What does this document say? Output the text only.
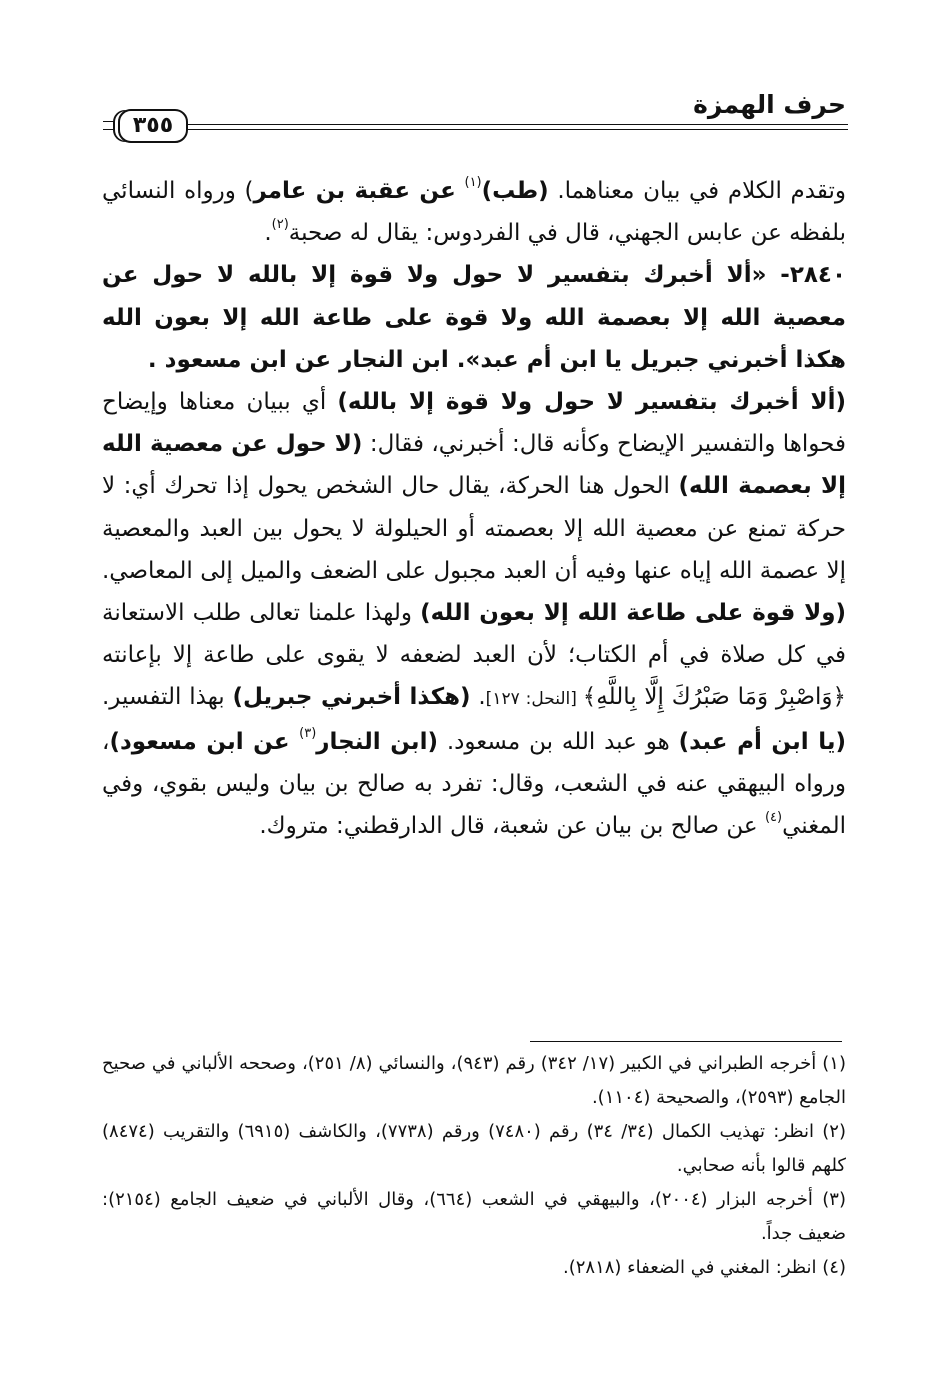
حرف الهمزة
٣٥٥

وتقدم الكلام في بيان معناهما. (طب)$^{(١)}$ عن عقبة بن عامر) ورواه النسائي بلفظه عن عابس الجهني، قال في الفردوس: يقال له صحبة$^{(٢)}$.

٢٨٤٠- «ألا أخبرك بتفسير لا حول ولا قوة إلا بالله لا حول عن معصية الله إلا بعصمة الله ولا قوة على طاعة الله إلا بعون الله هكذا أخبرني جبريل يا ابن أم عبد». ابن النجار عن ابن مسعود .

(ألا أخبرك بتفسير لا حول ولا قوة إلا بالله) أي ببيان معناها وإيضاح فحواها والتفسير الإيضاح وكأنه قال: أخبرني، فقال: (لا حول عن معصية الله إلا بعصمة الله) الحول هنا الحركة، يقال حال الشخص يحول إذا تحرك أي: لا حركة تمنع عن معصية الله إلا بعصمته أو الحيلولة لا يحول بين العبد والمعصية إلا عصمة الله إياه عنها وفيه أن العبد مجبول على الضعف والميل إلى المعاصي. (ولا قوة على طاعة الله إلا بعون الله) ولهذا علمنا تعالى طلب الاستعانة في كل صلاة في أم الكتاب؛ لأن العبد لضعفه لا يقوى على طاعة إلا بإعانته ﴿وَاصْبِرْ وَمَا صَبْرُكَ إِلَّا بِاللَّهِ﴾ [النحل: ١٢٧]. (هكذا أخبرني جبريل) بهذا التفسير. (يا ابن أم عبد) هو عبد الله بن مسعود. (ابن النجار$^{(٣)}$ عن ابن مسعود)، ورواه البيهقي عنه في الشعب، وقال: تفرد به صالح بن بيان وليس بقوي، وفي المغني$^{(٤)}$ عن صالح بن بيان عن شعبة، قال الدارقطني: متروك.

(١) أخرجه الطبراني في الكبير (١٧/ ٣٤٢) رقم (٩٤٣)، والنسائي (٨/ ٢٥١)، وصححه الألباني في صحيح الجامع (٢٥٩٣)، والصحيحة (١١٠٤).

(٢) انظر: تهذيب الكمال (٣٤/ ٣٤) رقم (٧٤٨٠) ورقم (٧٧٣٨)، والكاشف (٦٩١٥) والتقريب (٨٤٧٤) كلهم قالوا بأنه صحابي.

(٣) أخرجه البزار (٢٠٠٤)، والبيهقي في الشعب (٦٦٤)، وقال الألباني في ضعيف الجامع (٢١٥٤): ضعيف جداً.

(٤) انظر: المغني في الضعفاء (٢٨١٨).
